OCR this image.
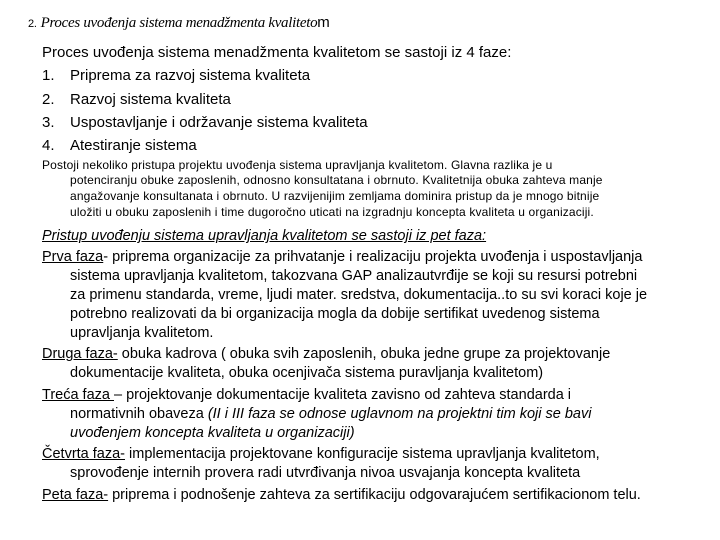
2. Proces uvođenja sistema menadžmenta kvalitetom
Proces uvođenja sistema menadžmenta kvalitetom se sastoji iz 4 faze:
1. Priprema za razvoj sistema kvaliteta
2. Razvoj sistema kvaliteta
3. Uspostavljanje i održavanje sistema kvaliteta
4. Atestiranje sistema
Postoji nekoliko pristupa projektu uvođenja sistema upravljanja kvalitetom. Glavna razlika je u
potenciranju obuke zaposlenih, odnosno konsultatana i obrnuto. Kvalitetnija obuka zahteva manje
angažovanje konsultanata i obrnuto. U razvijenijim zemljama dominira pristup da je mnogo bitnije
uložiti u obuku zaposlenih i time dugoročno uticati na izgradnju koncepta kvaliteta u organizaciji.
Pristup uvođenju sistema upravljanja kvalitetom se sastoji iz pet faza:
Prva faza- priprema organizacije za prihvatanje i realizaciju projekta uvođenja i uspostavljanja
sistema upravljanja kvalitetom, takozvana GAP analizautvrđije se koji su resursi potrebni
za primenu standarda, vreme, ljudi mater. sredstva, dokumentacija..to su svi koraci koje je
potrebno realizovati da bi organizacija mogla da dobije sertifikat uvedenog sistema
upravljanja kvalitetom.
Druga faza- obuka kadrova ( obuka svih zaposlenih, obuka jedne grupe za projektovanje
dokumentacije kvaliteta, obuka ocenjivača sistema puravljanja kvalitetom)
Treća faza – projektovanje dokumentacije kvaliteta zavisno od zahteva standarda i
normativnih obaveza (II i III faza se odnose uglavnom na projektni tim koji se bavi
uvođenjem koncepta kvaliteta u organizaciji)
Četvrta faza- implementacija projektovane konfiguracije sistema upravljanja kvalitetom,
sprovođenje internih provera radi utvrđivanja nivoa usvajanja koncepta kvaliteta
Peta faza- priprema i podnošenje zahteva za sertifikaciju odgovarajućem sertifikacionom telu.
